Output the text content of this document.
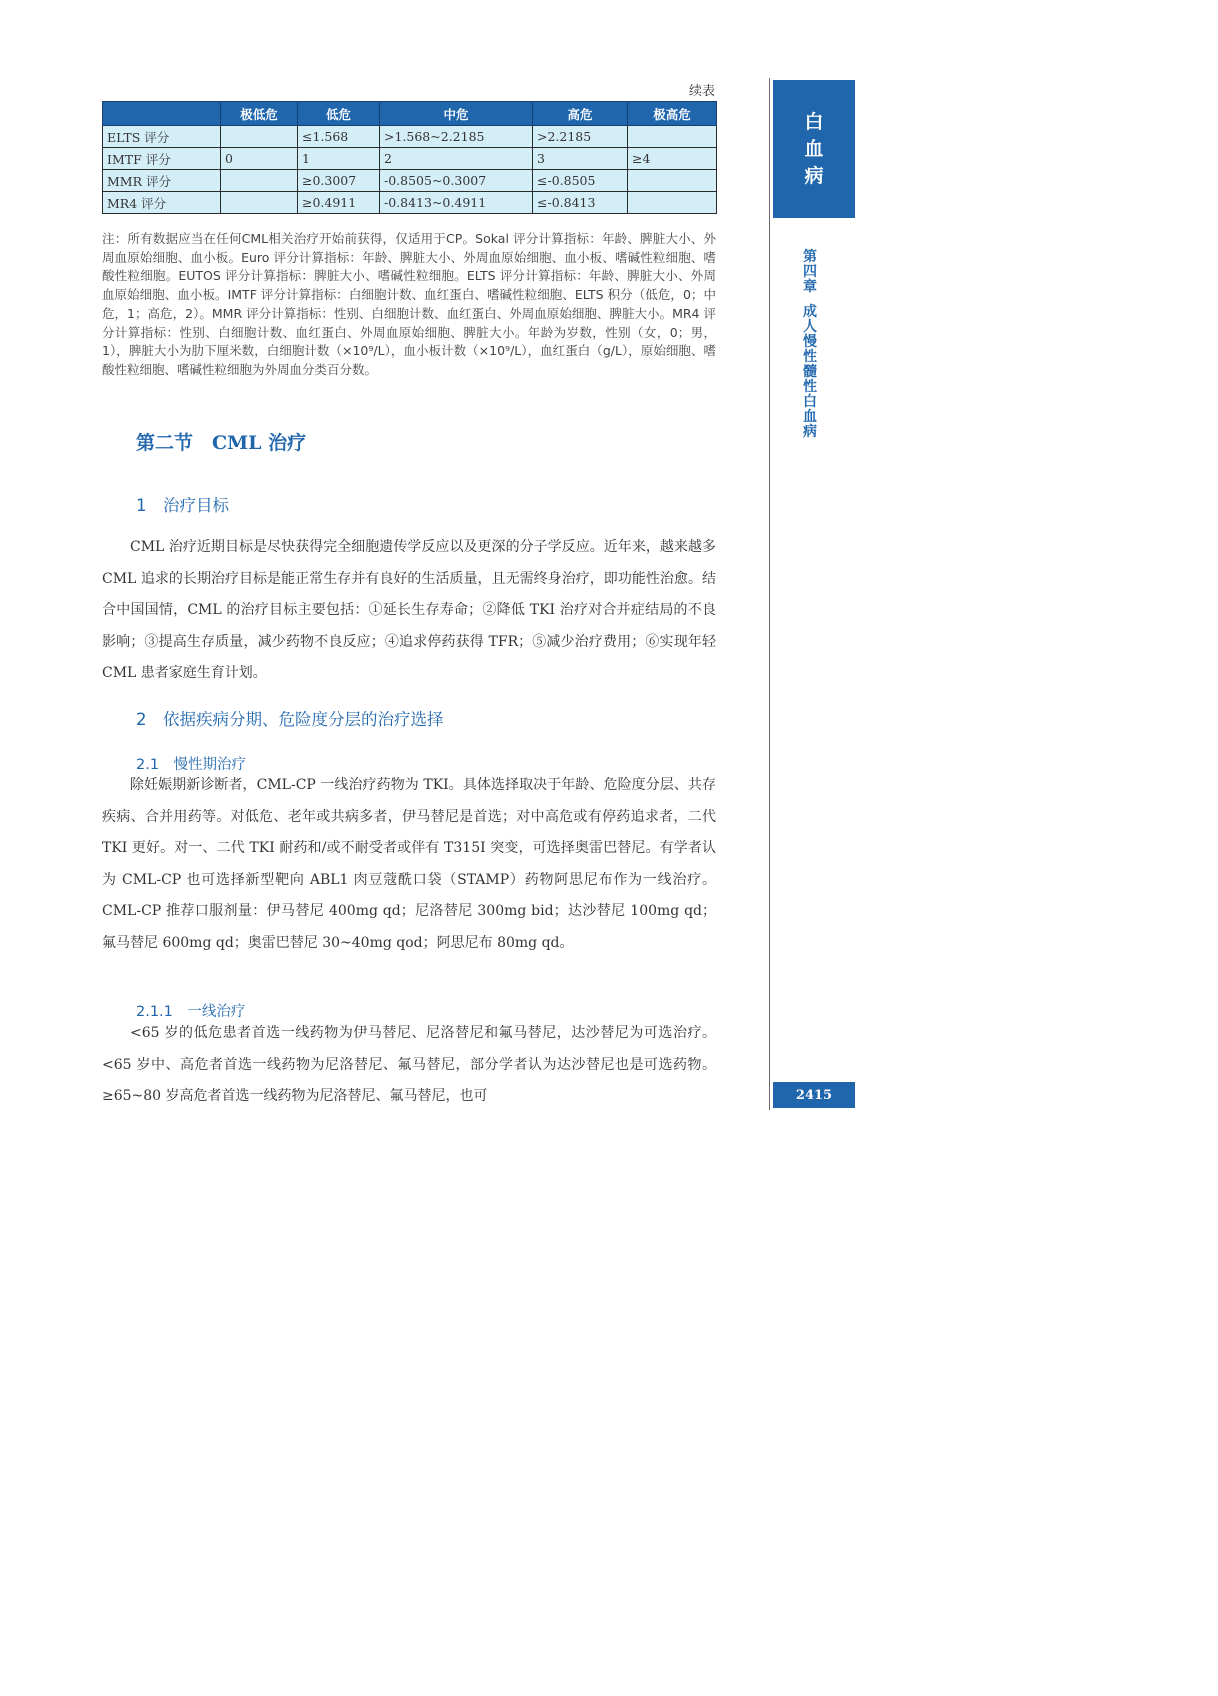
续表
	极低危	低危	中危	高危	极高危
ELTS 评分		≤1.568	>1.568~2.2185	>2.2185	
IMTF 评分	0	1	2	3	≥4
MMR 评分		≥0.3007	-0.8505~0.3007	≤-0.8505	
MR4 评分		≥0.4911	-0.8413~0.4911	≤-0.8413	
注：所有数据应当在任何CML相关治疗开始前获得，仅适用于CP。Sokal 评分计算指标：年龄、脾脏大小、外周血原始细胞、血小板。Euro 评分计算指标：年龄、脾脏大小、外周血原始细胞、血小板、嗜碱性粒细胞、嗜酸性粒细胞。EUTOS 评分计算指标：脾脏大小、嗜碱性粒细胞。ELTS 评分计算指标：年龄、脾脏大小、外周血原始细胞、血小板。IMTF 评分计算指标：白细胞计数、血红蛋白、嗜碱性粒细胞、ELTS 积分（低危，0；中危，1；高危，2）。MMR 评分计算指标：性别、白细胞计数、血红蛋白、外周血原始细胞、脾脏大小。MR4 评分计算指标：性别、白细胞计数、血红蛋白、外周血原始细胞、脾脏大小。年龄为岁数，性别（女，0；男，1），脾脏大小为肋下厘米数，白细胞计数（×10⁹/L），血小板计数（×10⁹/L），血红蛋白（g/L），原始细胞、嗜酸性粒细胞、嗜碱性粒细胞为外周血分类百分数。
第二节　CML 治疗
1　治疗目标
CML 治疗近期目标是尽快获得完全细胞遗传学反应以及更深的分子学反应。近年来，越来越多 CML 追求的长期治疗目标是能正常生存并有良好的生活质量，且无需终身治疗，即功能性治愈。结合中国国情，CML 的治疗目标主要包括：①延长生存寿命；②降低 TKI 治疗对合并症结局的不良影响；③提高生存质量，减少药物不良反应；④追求停药获得 TFR；⑤减少治疗费用；⑥实现年轻 CML 患者家庭生育计划。
2　依据疾病分期、危险度分层的治疗选择
2.1　慢性期治疗
除妊娠期新诊断者，CML-CP 一线治疗药物为 TKI。具体选择取决于年龄、危险度分层、共存疾病、合并用药等。对低危、老年或共病多者，伊马替尼是首选；对中高危或有停药追求者，二代 TKI 更好。对一、二代 TKI 耐药和/或不耐受者或伴有 T315I 突变，可选择奥雷巴替尼。有学者认为 CML-CP 也可选择新型靶向 ABL1 肉豆蔻酰口袋（STAMP）药物阿思尼布作为一线治疗。CML-CP 推荐口服剂量：伊马替尼 400mg qd；尼洛替尼 300mg bid；达沙替尼 100mg qd；氟马替尼 600mg qd；奥雷巴替尼 30~40mg qod；阿思尼布 80mg qd。
2.1.1　一线治疗
<65 岁的低危患者首选一线药物为伊马替尼、尼洛替尼和氟马替尼，达沙替尼为可选治疗。<65 岁中、高危者首选一线药物为尼洛替尼、氟马替尼，部分学者认为达沙替尼也是可选药物。≥65~80 岁高危者首选一线药物为尼洛替尼、氟马替尼，也可
白
血
病
第
四
章
成
人
慢
性
髓
性
白
血
病
2415
